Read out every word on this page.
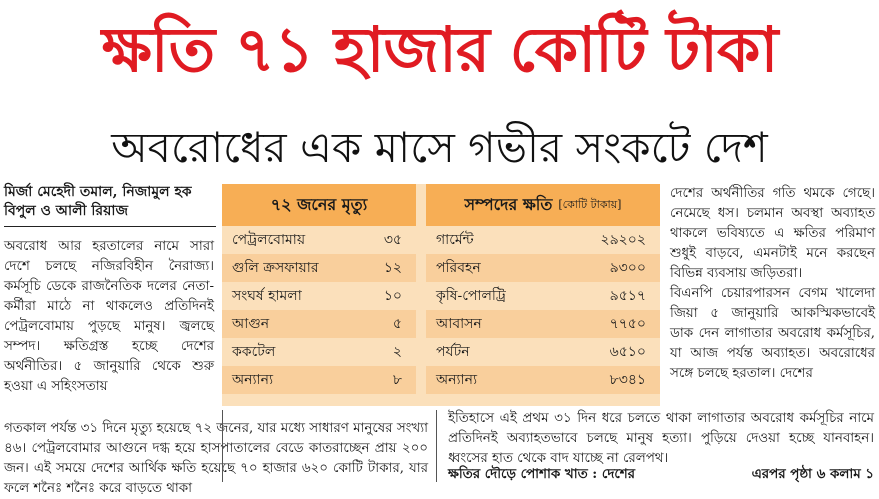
ক্ষতি ৭১ হাজার কোটি টাকা
অবরোধের এক মাসে গভীর সংকটে দেশ
মির্জা মেহেদী তমাল, নিজামুল হক
বিপুল ও আলী রিয়াজ

অবরোধ আর হরতালের নামে সারা দেশে চলছে নজিরবিহীন নৈরাজ্য। কর্মসূচি ডেকে রাজনৈতিক দলের নেতা-কর্মীরা মাঠে না থাকলেও প্রতিদিনই পেট্রলবোমায় পুড়ছে মানুষ। জ্বলছে সম্পদ। ক্ষতিগ্রস্ত হচ্ছে দেশের অর্থনীতির। ৫ জানুয়ারি থেকে শুরু হওয়া এ সহিংসতায়

৭২ জনের মৃত্যু
পেট্রলবোমায়	৩৫
গুলি ক্রসফায়ার	১২
সংঘর্ষ হামলা	১০
আগুন	৫
ককটেল	২
অন্যান্য	৮
সম্পদের ক্ষতি [কোটি টাকায়]
গার্মেন্ট	২৯২০২
পরিবহন	৯৩০০
কৃষি-পোলট্রি	৯৫১৭
আবাসন	৭৭৫০
পর্যটন	৬৫১০
অন্যান্য	৮৩৪১

দেশের অর্থনীতির গতি থমকে গেছে। নেমেছে ধস। চলমান অবস্থা অব্যাহত থাকলে ভবিষ্যতে এ ক্ষতির পরিমাণ শুধুই বাড়বে, এমনটাই মনে করছেন বিভিন্ন ব্যবসায় জড়িতরা।

বিএনপি চেয়ারপারসন বেগম খালেদা জিয়া ৫ জানুয়ারি আকস্মিকভাবেই ডাক দেন লাগাতার অবরোধ কর্মসূচির, যা আজ পর্যন্ত অব্যাহত। অবরোধের সঙ্গে চলছে হরতাল। দেশের

গতকাল পর্যন্ত ৩১ দিনে মৃত্যু হয়েছে ৭২ জনের, যার মধ্যে সাধারণ মানুষের সংখ্যা ৪৬। পেট্রলবোমার আগুনে দগ্ধ হয়ে হাসপাতালের বেডে কাতরাচ্ছেন প্রায় ২০০ জন। এই সময়ে দেশের আর্থিক ক্ষতি হয়েছে ৭০ হাজার ৬২০ কোটি টাকার, যার ফলে শনৈঃ শনৈঃ করে বাড়তে থাকা

ইতিহাসে এই প্রথম ৩১ দিন ধরে চলতে থাকা লাগাতার অবরোধ কর্মসূচির নামে প্রতিদিনই অব্যাহতভাবে চলছে মানুষ হত্যা। পুড়িয়ে দেওয়া হচ্ছে যানবাহন। ধ্বংসের হাত থেকে বাদ যাচ্ছে না রেলপথ।

ক্ষতির দৌড়ে পোশাক খাত : দেশের	এরপর পৃষ্ঠা ৬ কলাম ১
